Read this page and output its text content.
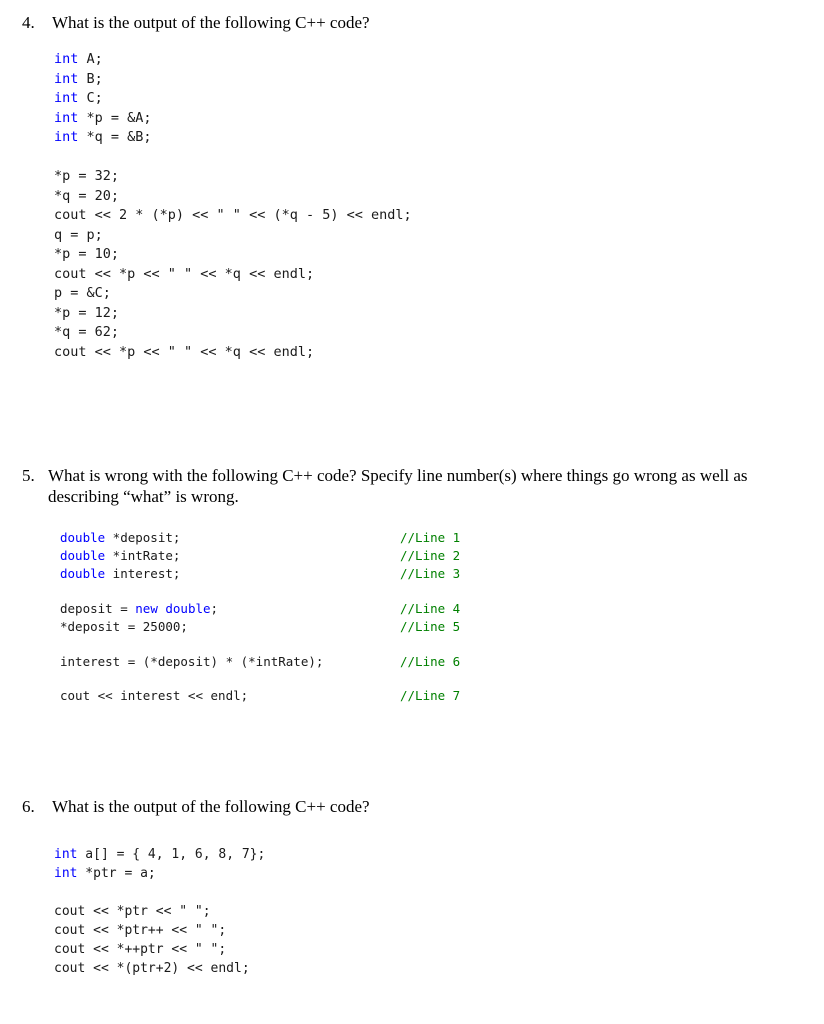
4. What is the output of the following C++ code?
int A;
int B;
int C;
int *p = &A;
int *q = &B;
*p = 32;
*q = 20;
cout << 2 * (*p) << " " << (*q - 5) << endl;
q = p;
*p = 10;
cout << *p << " " << *q << endl;
p = &C;
*p = 12;
*q = 62;
cout << *p << " " << *q << endl;
5. What is wrong with the following C++ code? Specify line number(s) where things go wrong as well as
describing “what” is wrong.
double *deposit;	//Line 1
double *intRate;	//Line 2
double interest;	//Line 3
deposit = new double;	//Line 4
*deposit = 25000;	//Line 5
interest = (*deposit) * (*intRate);	//Line 6
cout << interest << endl;	//Line 7
6. What is the output of the following C++ code?
int a[] = { 4, 1, 6, 8, 7};
int *ptr = a;
cout << *ptr << " ";
cout << *ptr++ << " ";
cout << *++ptr << " ";
cout << *(ptr+2) << endl;
